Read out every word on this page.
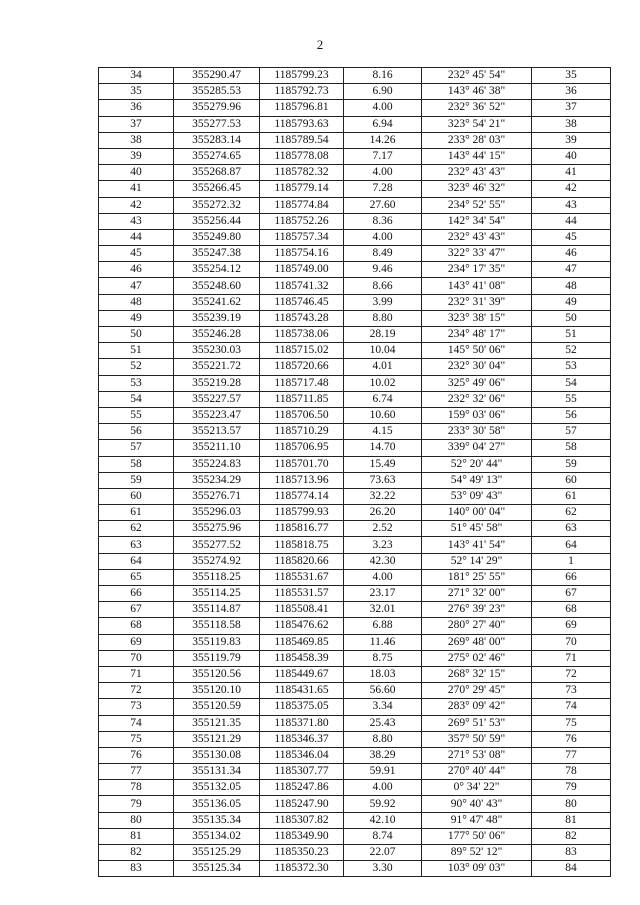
2
34	355290.47	1185799.23	8.16	232° 45' 54"	35
35	355285.53	1185792.73	6.90	143° 46' 38"	36
36	355279.96	1185796.81	4.00	232° 36' 52"	37
37	355277.53	1185793.63	6.94	323° 54' 21"	38
38	355283.14	1185789.54	14.26	233° 28' 03"	39
39	355274.65	1185778.08	7.17	143° 44' 15"	40
40	355268.87	1185782.32	4.00	232° 43' 43"	41
41	355266.45	1185779.14	7.28	323° 46' 32"	42
42	355272.32	1185774.84	27.60	234° 52' 55"	43
43	355256.44	1185752.26	8.36	142° 34' 54"	44
44	355249.80	1185757.34	4.00	232° 43' 43"	45
45	355247.38	1185754.16	8.49	322° 33' 47"	46
46	355254.12	1185749.00	9.46	234° 17' 35"	47
47	355248.60	1185741.32	8.66	143° 41' 08"	48
48	355241.62	1185746.45	3.99	232° 31' 39"	49
49	355239.19	1185743.28	8.80	323° 38' 15"	50
50	355246.28	1185738.06	28.19	234° 48' 17"	51
51	355230.03	1185715.02	10.04	145° 50' 06"	52
52	355221.72	1185720.66	4.01	232° 30' 04"	53
53	355219.28	1185717.48	10.02	325° 49' 06"	54
54	355227.57	1185711.85	6.74	232° 32' 06"	55
55	355223.47	1185706.50	10.60	159° 03' 06"	56
56	355213.57	1185710.29	4.15	233° 30' 58"	57
57	355211.10	1185706.95	14.70	339° 04' 27"	58
58	355224.83	1185701.70	15.49	52° 20' 44"	59
59	355234.29	1185713.96	73.63	54° 49' 13"	60
60	355276.71	1185774.14	32.22	53° 09' 43"	61
61	355296.03	1185799.93	26.20	140° 00' 04"	62
62	355275.96	1185816.77	2.52	51° 45' 58"	63
63	355277.52	1185818.75	3.23	143° 41' 54"	64
64	355274.92	1185820.66	42.30	52° 14' 29"	1
65	355118.25	1185531.67	4.00	181° 25' 55"	66
66	355114.25	1185531.57	23.17	271° 32' 00"	67
67	355114.87	1185508.41	32.01	276° 39' 23"	68
68	355118.58	1185476.62	6.88	280° 27' 40"	69
69	355119.83	1185469.85	11.46	269° 48' 00"	70
70	355119.79	1185458.39	8.75	275° 02' 46"	71
71	355120.56	1185449.67	18.03	268° 32' 15"	72
72	355120.10	1185431.65	56.60	270° 29' 45"	73
73	355120.59	1185375.05	3.34	283° 09' 42"	74
74	355121.35	1185371.80	25.43	269° 51' 53"	75
75	355121.29	1185346.37	8.80	357° 50' 59"	76
76	355130.08	1185346.04	38.29	271° 53' 08"	77
77	355131.34	1185307.77	59.91	270° 40' 44"	78
78	355132.05	1185247.86	4.00	0° 34' 22"	79
79	355136.05	1185247.90	59.92	90° 40' 43"	80
80	355135.34	1185307.82	42.10	91° 47' 48"	81
81	355134.02	1185349.90	8.74	177° 50' 06"	82
82	355125.29	1185350.23	22.07	89° 52' 12"	83
83	355125.34	1185372.30	3.30	103° 09' 03"	84
